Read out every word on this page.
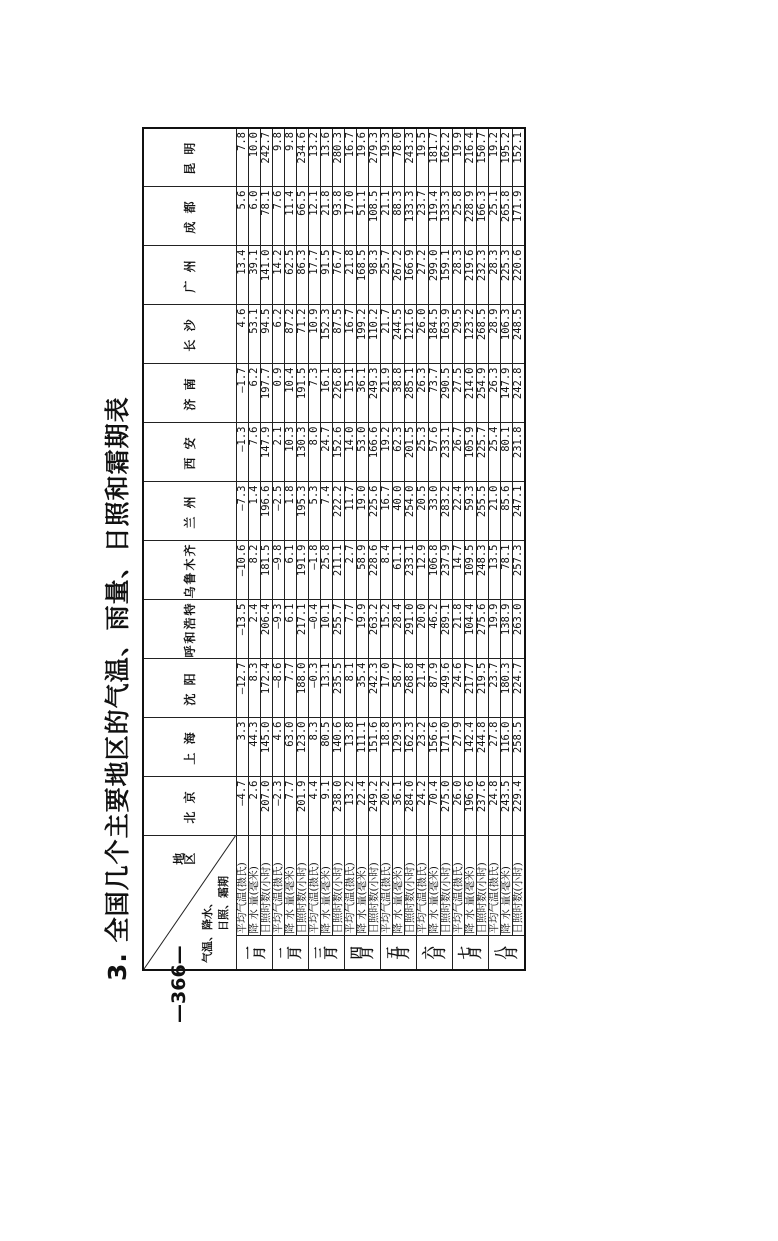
3. 全国几个主要地区的气温、雨量、日照和霜期表
—366—
地　　区
气温、降水、 日照、霜期		北 京	上 海	沈 阳	呼和浩特	乌鲁木齐	兰 州	西 安	济 南	长 沙	广 州	成 都	昆 明
一　月	平均气温(摄氏)	—4.7	3.3	—12.7	—13.5	—10.6	—7.3	—1.3	—1.7	4.6	13.4	5.6	7.8
	降 水 量(毫米)	2.6	44.3	8.3	2.4	8.2	1.4	7.6	6.2	53.1	39.1	6.0	10.0
	日照时数(小时)	207.0	145.0	172.4	206.4	181.5	196.6	147.9	197.7	94.5	141.0	78.1	242.7
二　月	平均气温(摄氏)	—2.3	4.6	—8.6	—9.3	—9.8	—2.5	2.1	0.9	6.2	14.2	7.6	9.8
	降 水 量(毫米)	7.7	63.0	7.7	6.1	6.1	1.8	10.3	10.4	87.2	62.5	11.4	9.8
	日照时数(小时)	201.9	123.0	188.0	217.1	191.9	195.3	130.3	191.5	71.2	86.3	66.5	234.6
三　月	平均气温(摄氏)	4.4	8.3	—0.3	—0.4	—1.8	5.3	8.0	7.3	10.9	17.7	12.1	13.2
	降 水 量(毫米)	9.1	80.5	13.1	10.1	25.8	7.4	24.7	16.1	152.3	91.5	21.8	13.6
	日照时数(小时)	238.0	140.6	235.5	255.7	211.1	222.2	152.6	226.8	87.5	76.7	93.8	280.3
四　月	平均气温(摄氏)	13.2	13.8	8.1	7.7	2.7	11.7	14.0	15.1	16.7	21.8	17.0	16.7
	降 水 量(毫米)	22.4	111.1	35.4	19.9	58.9	19.0	53.0	36.1	199.2	168.5	51.1	19.6
	日照时数(小时)	249.2	151.6	242.3	263.2	228.6	225.6	166.6	249.3	110.2	98.3	108.5	279.3
五　月	平均气温(摄氏)	20.2	18.8	17.0	15.2	8.4	16.7	19.2	21.9	21.7	25.7	21.1	19.3
	降 水 量(毫米)	36.1	129.3	58.7	28.4	61.1	40.0	62.3	38.8	244.5	267.2	88.3	78.0
	日照时数(小时)	284.0	162.3	268.8	291.0	233.1	254.0	201.5	285.1	121.6	166.9	133.3	243.3
六　月	平均气温(摄氏)	24.2	23.2	21.4	20.0	12.9	20.5	25.3	26.3	26.0	27.2	23.7	19.5
	降 水 量(毫米)	70.4	156.6	87.9	46.2	106.8	33.0	57.6	73.7	184.5	299.0	119.4	181.7
	日照时数(小时)	275.0	171.0	249.6	289.1	237.9	283.2	233.1	290.5	163.9	159.1	133.3	162.2
七　月	平均气温(摄氏)	26.0	27.9	24.6	21.8	14.7	22.4	26.7	27.5	29.5	28.3	25.8	19.9
	降 水 量(毫米)	196.6	142.4	217.7	104.4	109.5	59.3	105.9	214.0	123.2	219.6	228.9	216.4
	日照时数(小时)	237.6	244.8	219.5	275.6	248.3	255.5	225.7	254.9	268.5	232.3	166.3	150.7
八　月	平均气温(摄氏)	24.8	27.8	23.7	19.9	13.5	21.0	25.4	26.3	28.9	28.3	25.1	19.2
	降 水 量(毫米)	243.5	116.0	180.3	138.9	78.1	85.6	80.1	147.9	106.3	225.3	265.8	195.2
	日照时数(小时)	229.4	258.5	224.7	263.0	257.3	247.1	231.8	242.8	248.5	220.6	171.9	152.1
